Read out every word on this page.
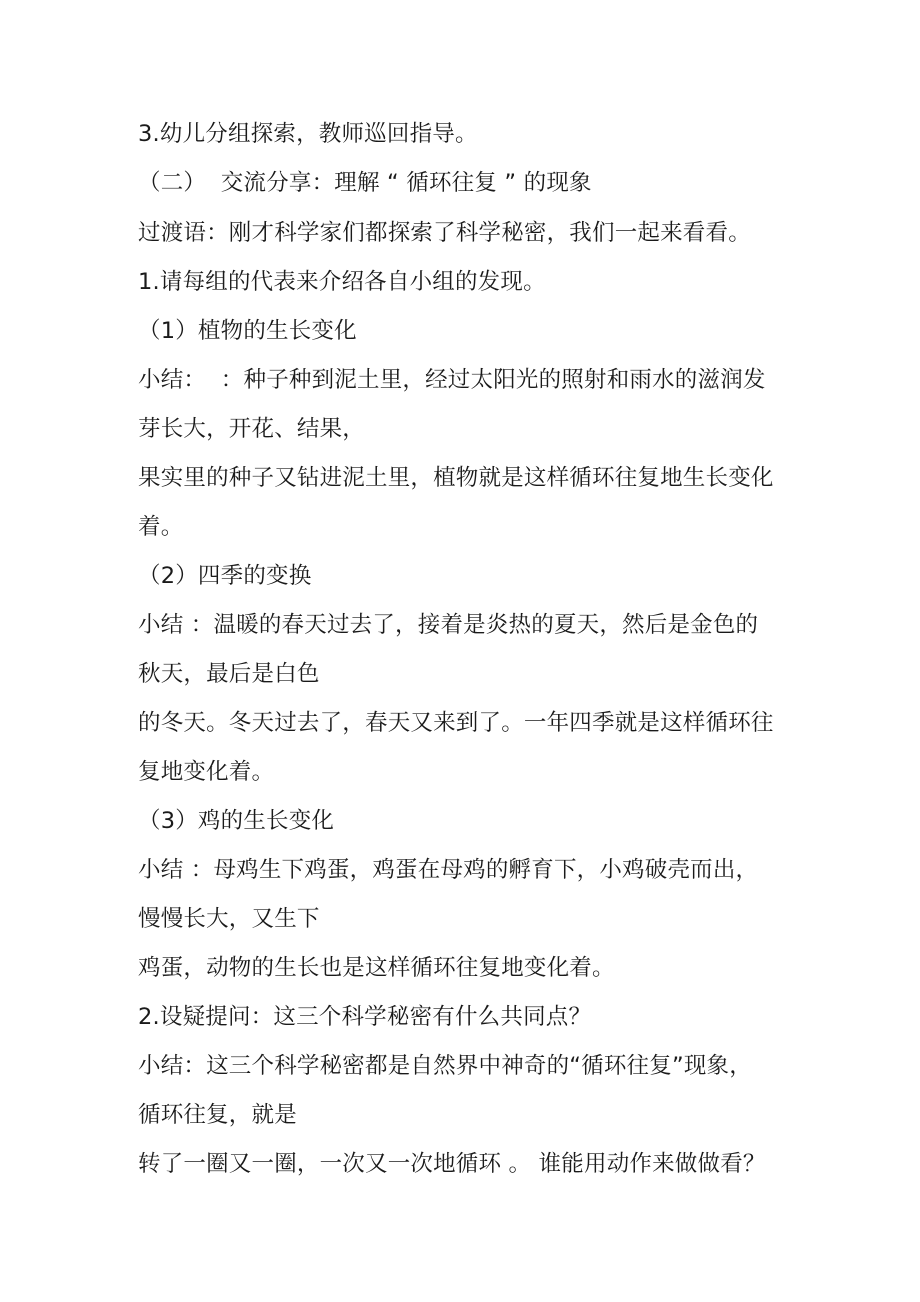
3.幼儿分组探索，教师巡回指导。

（二）  交流分享：理解 “ 循环往复 ” 的现象

过渡语：刚才科学家们都探索了科学秘密，我们一起来看看。

1.请每组的代表来介绍各自小组的发现。

（1）植物的生长变化

小结：  ：种子种到泥土里，经过太阳光的照射和雨水的滋润发

芽长大，开花、结果，

果实里的种子又钻进泥土里，植物就是这样循环往复地生长变化

着。

（2）四季的变换

小结 ：温暖的春天过去了，接着是炎热的夏天，然后是金色的

秋天，最后是白色

的冬天。冬天过去了，春天又来到了。一年四季就是这样循环往

复地变化着。

（3）鸡的生长变化

小结 ：母鸡生下鸡蛋，鸡蛋在母鸡的孵育下，小鸡破壳而出，

慢慢长大，又生下

鸡蛋，动物的生长也是这样循环往复地变化着。

2.设疑提问：这三个科学秘密有什么共同点？

小结：这三个科学秘密都是自然界中神奇的“循环往复”现象，

循环往复，就是

转了一圈又一圈，一次又一次地循环 。 谁能用动作来做做看？
